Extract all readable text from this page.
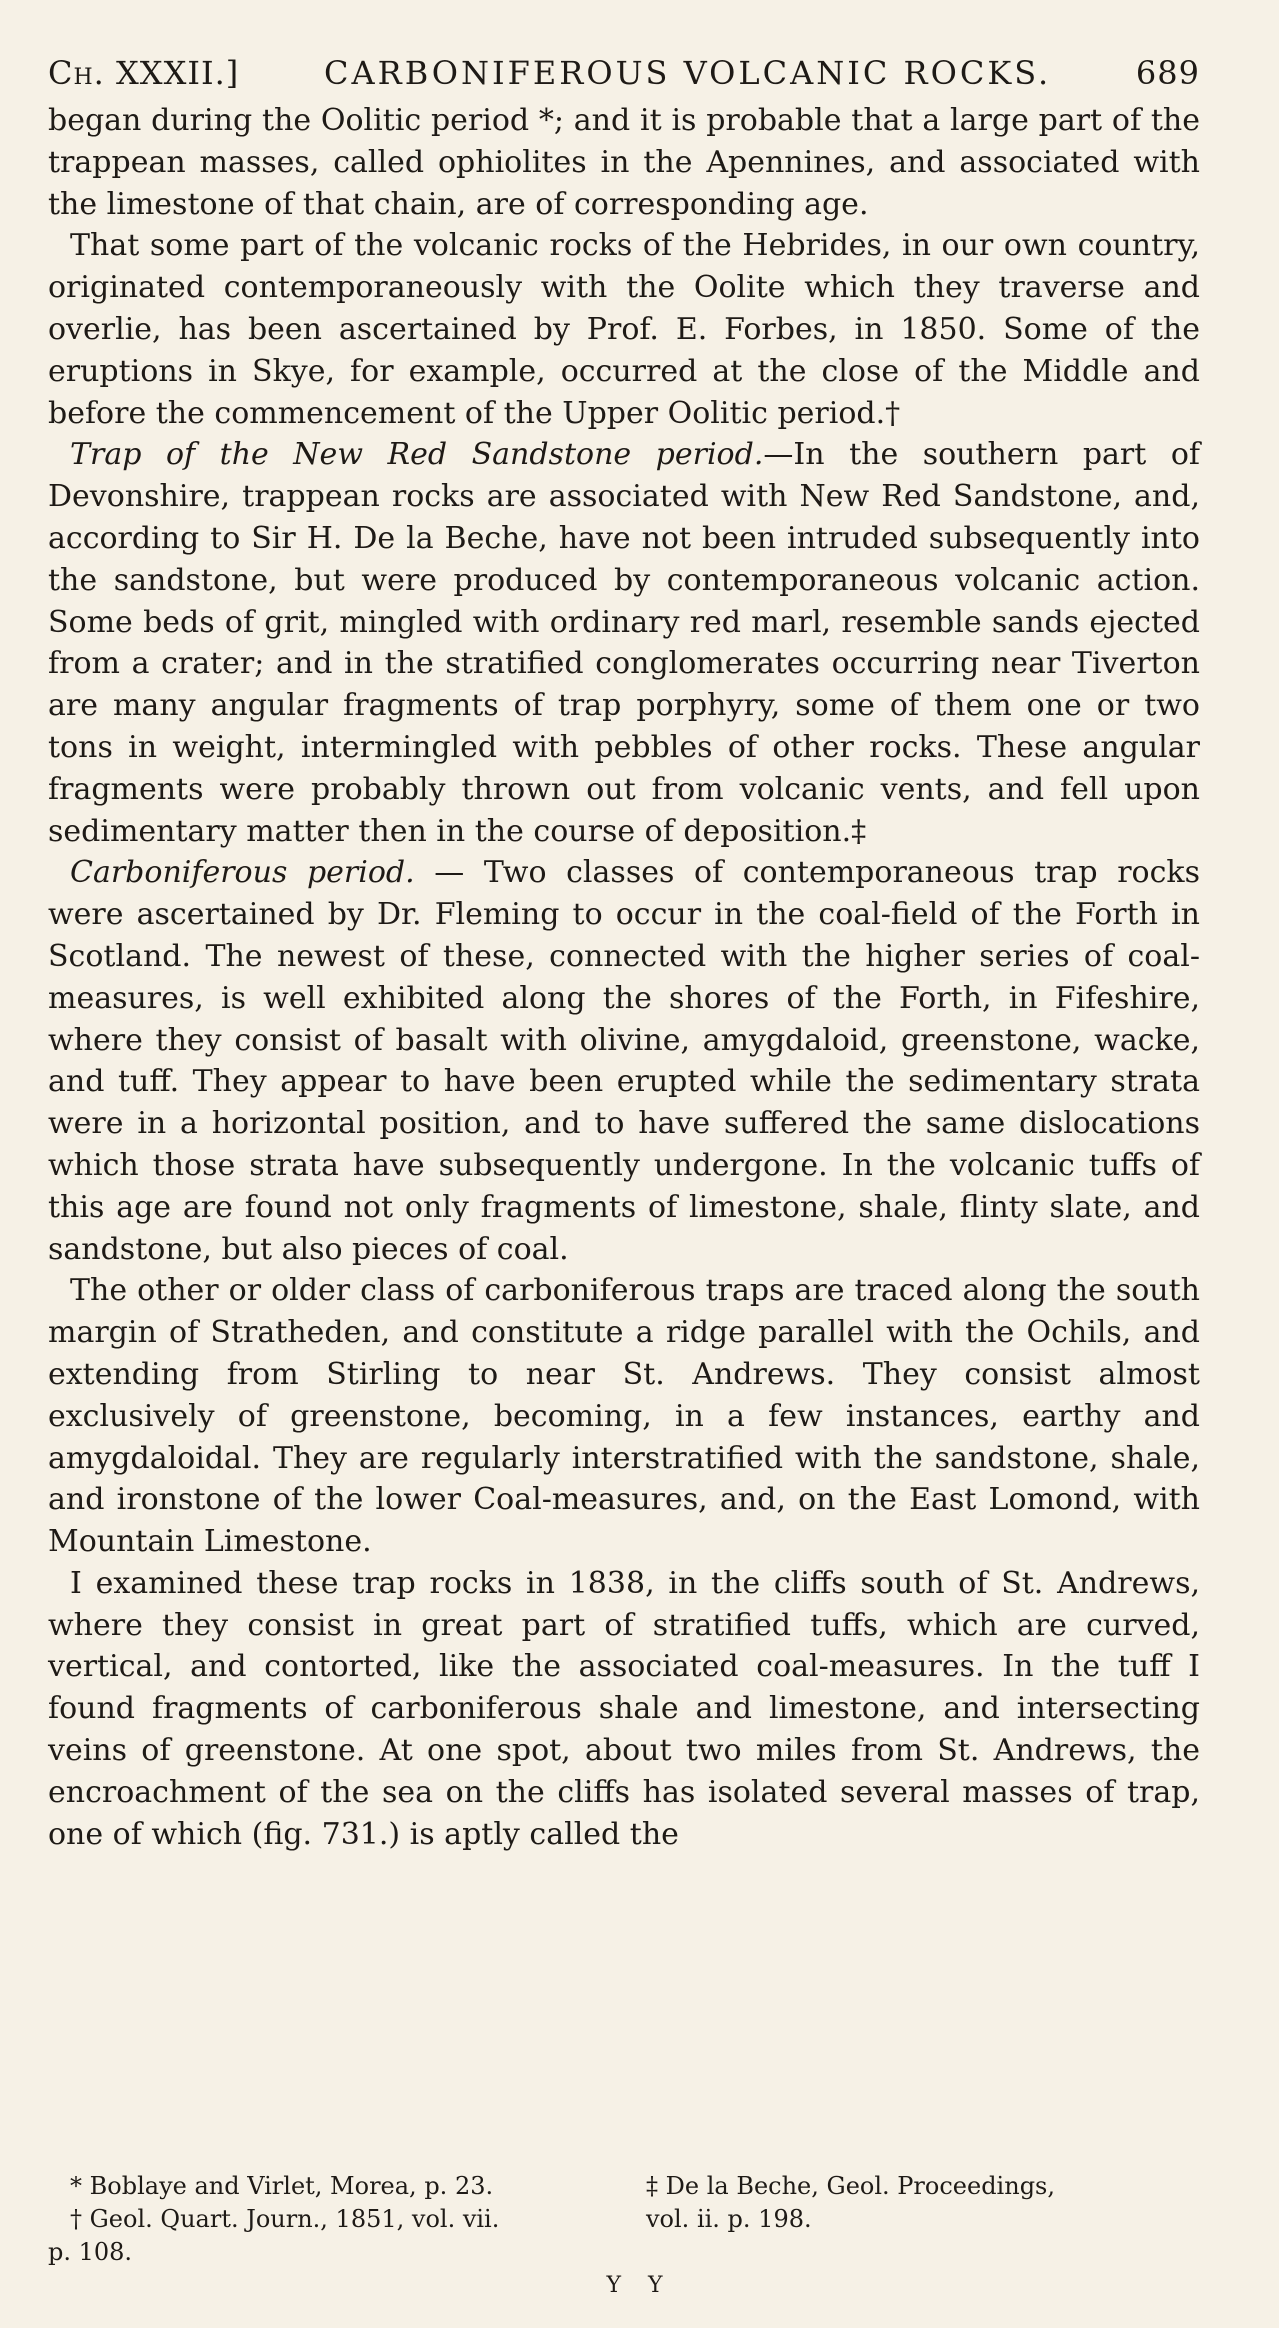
Ch. XXXII.]	CARBONIFEROUS VOLCANIC ROCKS.	689

began during the Oolitic period *; and it is probable that a large part of the trappean masses, called ophiolites in the Apennines, and associated with the limestone of that chain, are of corresponding age.

That some part of the volcanic rocks of the Hebrides, in our own country, originated contemporaneously with the Oolite which they traverse and overlie, has been ascertained by Prof. E. Forbes, in 1850. Some of the eruptions in Skye, for example, occurred at the close of the Middle and before the commencement of the Upper Oolitic period.†

Trap of the New Red Sandstone period.—In the southern part of Devonshire, trappean rocks are associated with New Red Sandstone, and, according to Sir H. De la Beche, have not been intruded subsequently into the sandstone, but were produced by contemporaneous volcanic action. Some beds of grit, mingled with ordinary red marl, resemble sands ejected from a crater; and in the stratified conglomerates occurring near Tiverton are many angular fragments of trap porphyry, some of them one or two tons in weight, intermingled with pebbles of other rocks. These angular fragments were probably thrown out from volcanic vents, and fell upon sedimentary matter then in the course of deposition.‡

Carboniferous period. — Two classes of contemporaneous trap rocks were ascertained by Dr. Fleming to occur in the coal-field of the Forth in Scotland. The newest of these, connected with the higher series of coal-measures, is well exhibited along the shores of the Forth, in Fifeshire, where they consist of basalt with olivine, amygdaloid, greenstone, wacke, and tuff. They appear to have been erupted while the sedimentary strata were in a horizontal position, and to have suffered the same dislocations which those strata have subsequently undergone. In the volcanic tuffs of this age are found not only fragments of limestone, shale, flinty slate, and sandstone, but also pieces of coal.

The other or older class of carboniferous traps are traced along the south margin of Stratheden, and constitute a ridge parallel with the Ochils, and extending from Stirling to near St. Andrews. They consist almost exclusively of greenstone, becoming, in a few instances, earthy and amygdaloidal. They are regularly interstratified with the sandstone, shale, and ironstone of the lower Coal-measures, and, on the East Lomond, with Mountain Limestone.

I examined these trap rocks in 1838, in the cliffs south of St. Andrews, where they consist in great part of stratified tuffs, which are curved, vertical, and contorted, like the associated coal-measures. In the tuff I found fragments of carboniferous shale and limestone, and intersecting veins of greenstone. At one spot, about two miles from St. Andrews, the encroachment of the sea on the cliffs has isolated several masses of trap, one of which (fig. 731.) is aptly called the

* Boblaye and Virlet, Morea, p. 23.
† Geol. Quart. Journ., 1851, vol. vii.
p. 108.
‡ De la Beche, Geol. Proceedings,
vol. ii. p. 198.
Y Y
